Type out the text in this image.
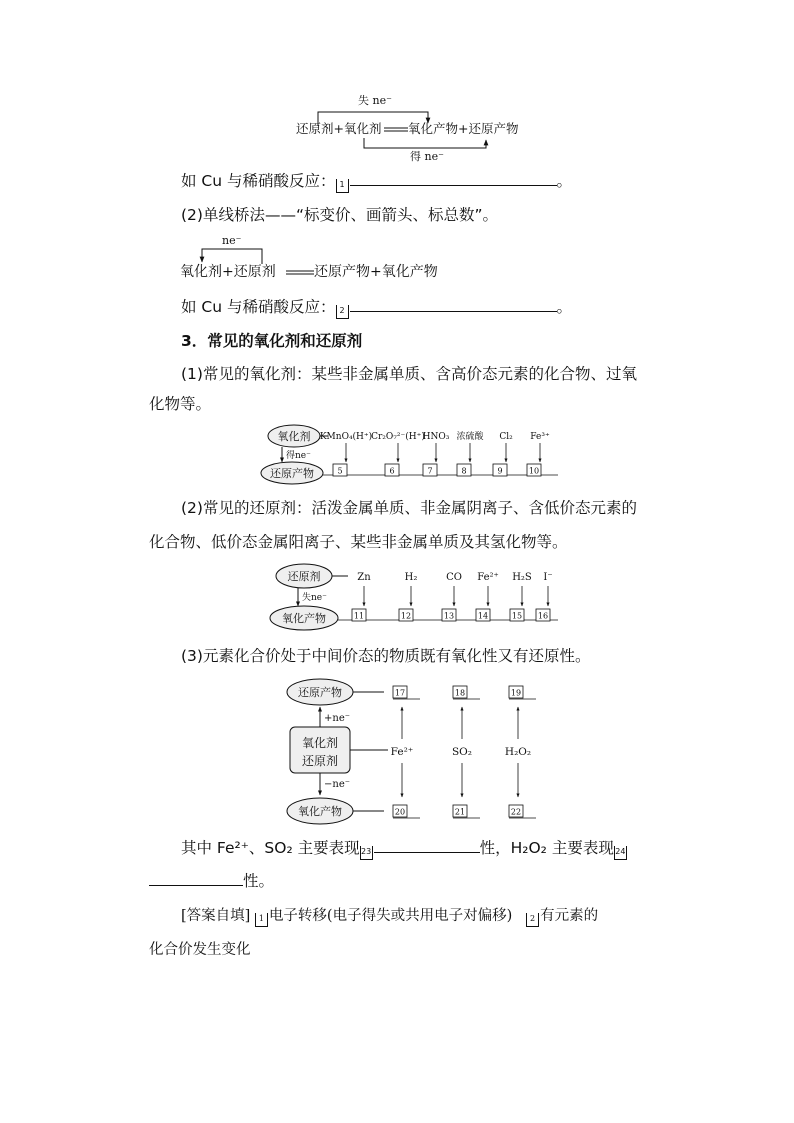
失 ne⁻
还原剂+氧化剂 氧化产物+还原产物
得 ne⁻
如 Cu 与稀硝酸反应： 1	。
(2)单线桥法——“标变价、画箭头、标总数”。
ne⁻
氧化剂+还原剂	还原产物+氧化产物
如 Cu 与稀硝酸反应： 2	。
3．常见的氧化剂和还原剂
(1)常见的氧化剂：某些非金属单质、含高价态元素的化合物、过氧
化物等。
氧化剂
得ne⁻
还原产物
KMnO₄(H⁺)
5
Cr₂O₇²⁻(H⁺)
6
HNO₃
7
浓硫酸
8
Cl₂
9
Fe³⁺
10
(2)常见的还原剂：活泼金属单质、非金属阴离子、含低价态元素的
化合物、低价态金属阳离子、某些非金属单质及其氢化物等。
还原剂
失ne⁻
氧化产物
Zn
11
H₂
12
CO
13
Fe²⁺
14
H₂S
15
I⁻
16
(3)元素化合价处于中间价态的物质既有氧化性又有还原性。
还原产物
+ne⁻
氧化剂
还原剂
−ne⁻
氧化产物
17
Fe²⁺
20
18
SO₂
21
19
H₂O₂
22
其中 Fe²⁺、SO₂ 主要表现23	性，H₂O₂ 主要表现24
性。
[答案自填] 1 电子转移(电子得失或共用电子对偏移) 2 有元素的
化合价发生变化
